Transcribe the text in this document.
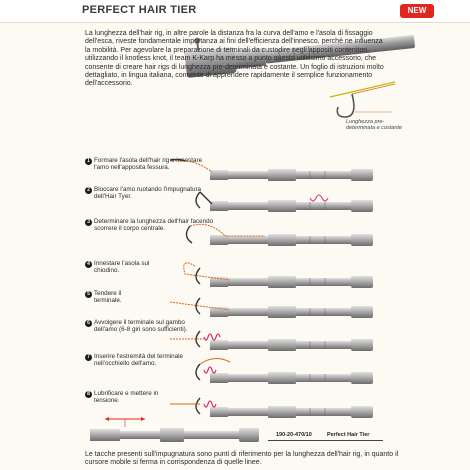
PERFECT HAIR TIER	NEW

La lunghezza dell'hair rig, in altre parole la distanza fra la curva dell'amo e l'asola di fissaggio dell'esca, riveste fondamentale importanza ai fini dell'efficienza dell'innesco, perché ne influenza la mobilità. Per agevolare la preparazione di terminali da custodire negli appositi contenitori, utilizzando il knotless knot, il team K-Karp ha messo a punto questo utilissimo accessorio, che consente di creare hair rigs di lunghezza pre-determinata e costante. Un foglio di istruzioni molto dettagliato, in lingua italiana, consente di apprendere rapidamente il semplice funzionamento dell'accessorio.

Lunghezza pre-determinata e costante
1 Formare l'asola dell'hair rig e innestare l'amo nell'apposita fessura.
2 Bloccare l'amo ruotando l'impugnatura dell'Hair Tyer.
3 Determinare la lunghezza dell'hair facendo scorrere il corpo centrale.
4 Innestare l'asola sul chiodino.
5 Tendere il terminale.
6 Avvolgere il terminale sul gambo dell'amo (6-8 giri sono sufficienti).
7 Inserire l'estremità del terminale nell'occhiello dell'amo.
8 Lubrificare e mettere in tensione.
190-20-470/10	Perfect Hair Tier
Le tacche presenti sull'impugnatura sono punti di riferimento per la lunghezza dell'hair rig, in quanto il cursore mobile si ferma in corrispondenza di quelle linee.
